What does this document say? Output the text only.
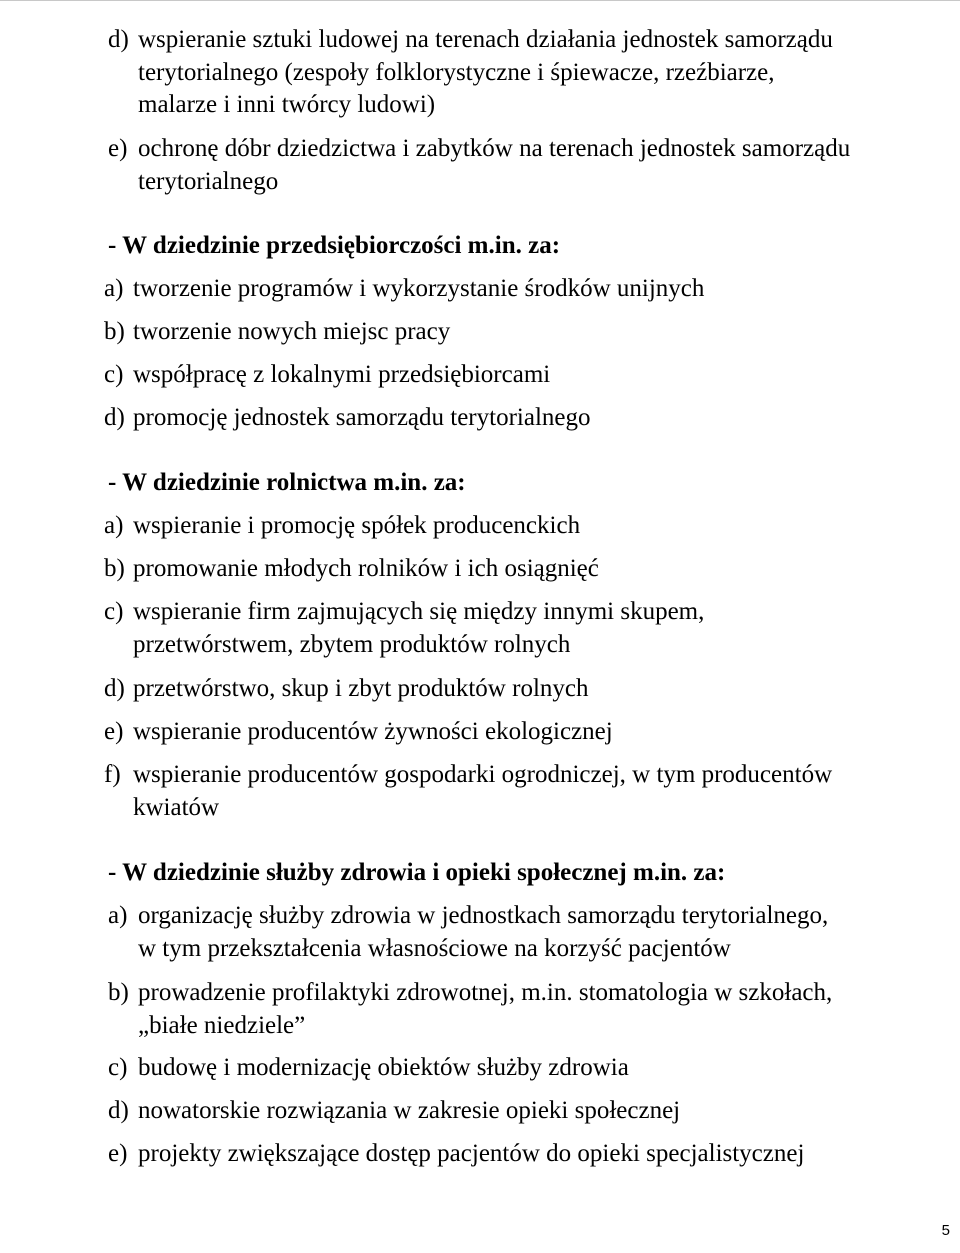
d) wspieranie sztuki ludowej na terenach działania jednostek samorządu
terytorialnego (zespoły folklorystyczne i śpiewacze, rzeźbiarze,
malarze i inni twórcy ludowi)
e) ochronę dóbr dziedzictwa i zabytków na terenach jednostek samorządu
terytorialnego
- W dziedzinie przedsiębiorczości m.in. za:
a) tworzenie programów i wykorzystanie środków unijnych
b) tworzenie nowych miejsc pracy
c) współpracę z lokalnymi przedsiębiorcami
d) promocję jednostek samorządu terytorialnego
- W dziedzinie rolnictwa m.in. za:
a) wspieranie i promocję spółek producenckich
b) promowanie młodych rolników i ich osiągnięć
c) wspieranie firm zajmujących się między innymi skupem,
przetwórstwem, zbytem produktów rolnych
d) przetwórstwo, skup i zbyt produktów rolnych
e) wspieranie producentów żywności ekologicznej
f) wspieranie producentów gospodarki ogrodniczej, w tym producentów
kwiatów
- W dziedzinie służby zdrowia i opieki społecznej m.in. za:
a) organizację służby zdrowia w jednostkach samorządu terytorialnego,
w tym przekształcenia własnościowe na korzyść pacjentów
b) prowadzenie profilaktyki zdrowotnej, m.in. stomatologia w szkołach,
„białe niedziele”
c) budowę i modernizację obiektów służby zdrowia
d) nowatorskie rozwiązania w zakresie opieki społecznej
e) projekty zwiększające dostęp pacjentów do opieki specjalistycznej
5
